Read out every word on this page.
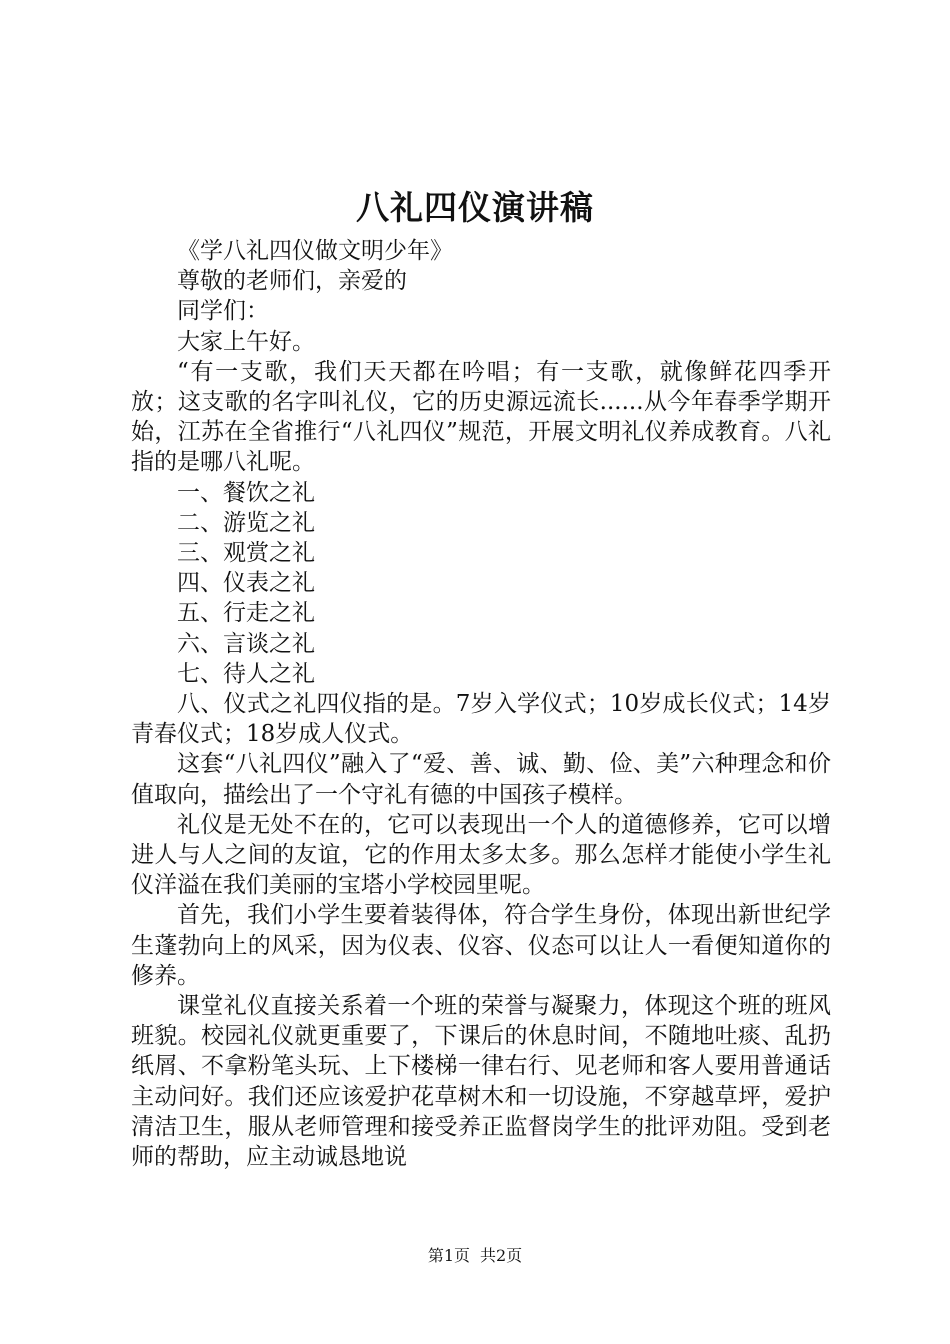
八礼四仪演讲稿

《学八礼四仪做文明少年》

尊敬的老师们，亲爱的

同学们：

大家上午好。

“有一支歌，我们天天都在吟唱；有一支歌，就像鲜花四季开放；这支歌的名字叫礼仪，它的历史源远流长......从今年春季学期开始，江苏在全省推行“八礼四仪”规范，开展文明礼仪养成教育。八礼指的是哪八礼呢。

一、餐饮之礼

二、游览之礼

三、观赏之礼

四、仪表之礼

五、行走之礼

六、言谈之礼

七、待人之礼

八、仪式之礼四仪指的是。7岁入学仪式；10岁成长仪式；14岁青春仪式；18岁成人仪式。

这套“八礼四仪”融入了“爱、善、诚、勤、俭、美”六种理念和价值取向，描绘出了一个守礼有德的中国孩子模样。

礼仪是无处不在的，它可以表现出一个人的道德修养，它可以增进人与人之间的友谊，它的作用太多太多。那么怎样才能使小学生礼仪洋溢在我们美丽的宝塔小学校园里呢。

首先，我们小学生要着装得体，符合学生身份，体现出新世纪学生蓬勃向上的风采，因为仪表、仪容、仪态可以让人一看便知道你的修养。

课堂礼仪直接关系着一个班的荣誉与凝聚力，体现这个班的班风班貌。校园礼仪就更重要了，下课后的休息时间，不随地吐痰、乱扔纸屑、不拿粉笔头玩、上下楼梯一律右行、见老师和客人要用普通话主动问好。我们还应该爱护花草树木和一切设施，不穿越草坪，爱护清洁卫生，服从老师管理和接受养正监督岗学生的批评劝阻。受到老师的帮助，应主动诚恳地说

第1页 共2页
